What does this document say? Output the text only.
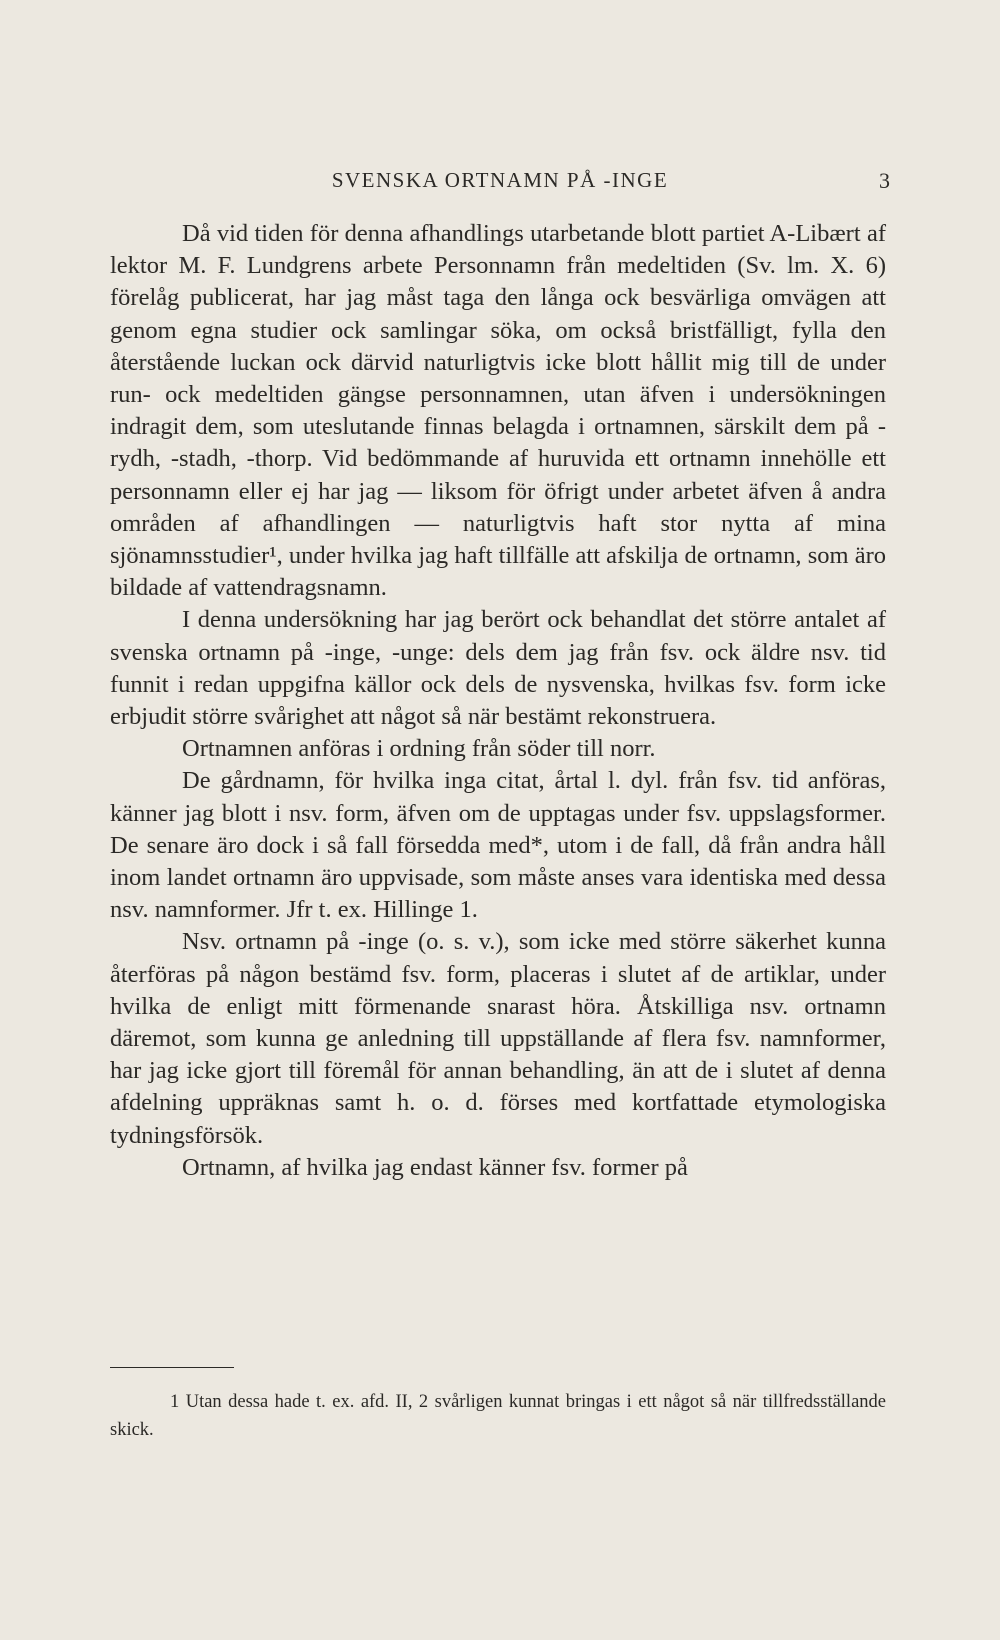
SVENSKA ORTNAMN PÅ -INGE	3

Då vid tiden för denna afhandlings utarbetande blott partiet A-Libært af lektor M. F. Lundgrens arbete Personnamn från medeltiden (Sv. lm. X. 6) förelåg publicerat, har jag måst taga den långa ock besvärliga omvägen att genom egna studier ock samlingar söka, om också bristfälligt, fylla den återstående luckan ock därvid naturligtvis icke blott hållit mig till de under run- ock medeltiden gängse personnamnen, utan äfven i undersökningen indragit dem, som uteslutande finnas belagda i ortnamnen, särskilt dem på -rydh, -stadh, -thorp. Vid bedömmande af huruvida ett ortnamn innehölle ett personnamn eller ej har jag — liksom för öfrigt under arbetet äfven å andra områden af afhandlingen — naturligtvis haft stor nytta af mina sjönamnsstudier¹, under hvilka jag haft tillfälle att afskilja de ortnamn, som äro bildade af vattendragsnamn.

I denna undersökning har jag berört ock behandlat det större antalet af svenska ortnamn på -inge, -unge: dels dem jag från fsv. ock äldre nsv. tid funnit i redan uppgifna källor ock dels de nysvenska, hvilkas fsv. form icke erbjudit större svårighet att något så när bestämt rekonstruera.

Ortnamnen anföras i ordning från söder till norr.

De gårdnamn, för hvilka inga citat, årtal l. dyl. från fsv. tid anföras, känner jag blott i nsv. form, äfven om de upptagas under fsv. uppslagsformer. De senare äro dock i så fall försedda med*, utom i de fall, då från andra håll inom landet ortnamn äro uppvisade, som måste anses vara identiska med dessa nsv. namnformer. Jfr t. ex. Hillinge 1.

Nsv. ortnamn på -inge (o. s. v.), som icke med större säkerhet kunna återföras på någon bestämd fsv. form, placeras i slutet af de artiklar, under hvilka de enligt mitt förmenande snarast höra. Åtskilliga nsv. ortnamn däremot, som kunna ge anledning till uppställande af flera fsv. namnformer, har jag icke gjort till föremål för annan behandling, än att de i slutet af denna afdelning uppräknas samt h. o. d. förses med kortfattade etymologiska tydningsförsök.

Ortnamn, af hvilka jag endast känner fsv. former på

1 Utan dessa hade t. ex. afd. II, 2 svårligen kunnat bringas i ett något så när tillfredsställande skick.
